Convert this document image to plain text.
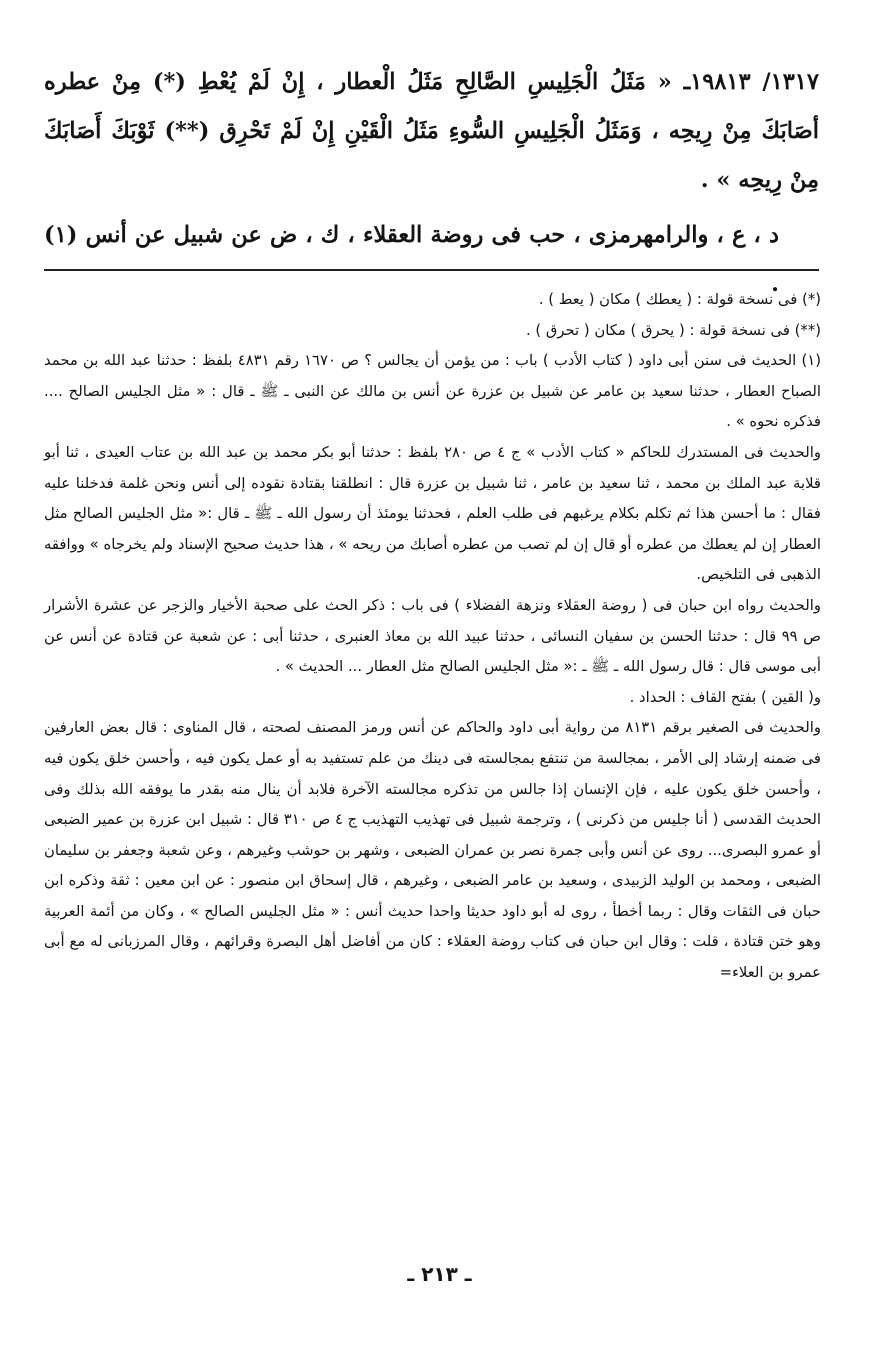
١٣١٧/ ١٩٨١٣ـ « مَثَلُ الْجَلِيسِ الصَّالِحِ مَثَلُ الْعطار ، إِنْ لَمْ يُعْطِ (*) مِنْ عطره أصَابَكَ مِنْ رِيحِه ، وَمَثَلُ الْجَلِيسِ السُّوءِ مَثَلُ الْقَيْنِ إِنْ لَمْ تَحْرِق (**) ثَوْبَكَ أَصَابَكَ مِنْ رِيحِه » .

د ، ع ، والرامهرمزى ، حب فى روضة العقلاء ، ك ، ض عن شبيل عن أنس (١) .

(*) فى نسخة قولة : ( يعطك ) مكان ( يعط ) .

(**) فى نسخة قولة : ( يحرق ) مكان ( تحرق ) .

(١) الحديث فى سنن أبى داود ( كتاب الأدب ) باب : من يؤمن أن يجالس ؟ ص ١٦٧٠ رقم ٤٨٣١ بلفظ : حدثنا عبد الله بن محمد الصباح العطار ، حدثنا سعيد بن عامر عن شبيل بن عزرة عن أنس بن مالك عن النبى ـ ﷺ ـ قال : « مثل الجليس الصالح .... فذكره نحوه » .

والحديث فى المستدرك للحاكم « كتاب الأدب » ج ٤ ص ٢٨٠ بلفظ : حدثنا أبو بكر محمد بن عبد الله بن عتاب العيدى ، ثنا أبو قلابة عبد الملك بن محمد ، ثنا سعيد بن عامر ، ثنا شبيل بن عزرة قال : انطلقنا بقتادة نقوده إلى أنس ونحن غلمة فدخلنا عليه فقال : ما أحسن هذا ثم تكلم بكلام يرغبهم فى طلب العلم ، فحدثنا يومئذ أن رسول الله ـ ﷺ ـ قال :« مثل الجليس الصالح مثل العطار إن لم يعطك من عطره أو قال إن لم تصب من عطره أصابك من ريحه » ، هذا حديث صحيح الإسناد ولم يخرجاه » ووافقه الذهبى فى التلخيص.

والحديث رواه ابن حبان فى ( روضة العقلاء ونزهة الفضلاء ) فى باب : ذكر الحث على صحبة الأخيار والزجر عن عشرة الأشرار ص ٩٩ قال : حدثنا الحسن بن سفيان النسائى ، حدثنا عبيد الله بن معاذ العنبرى ، حدثنا أبى : عن شعبة عن قتادة عن أنس عن أبى موسى قال : قال رسول الله ـ ﷺ ـ :« مثل الجليس الصالح مثل العطار ... الحديث » .

و( القين ) بفتح القاف : الحداد .

والحديث فى الصغير برقم ٨١٣١ من رواية أبى داود والحاكم عن أنس ورمز المصنف لصحته ، قال المناوى : قال بعض العارفين فى ضمنه إرشاد إلى الأمر ، بمجالسة من تنتفع بمجالسته فى دينك من علم تستفيد به أو عمل يكون فيه ، وأحسن خلق يكون فيه ، وأحسن خلق يكون عليه ، فإن الإنسان إذا جالس من تذكره مجالسته الآخرة فلابد أن ينال منه بقدر ما يوفقه الله بذلك وفى الحديث القدسى ( أنا جليس من ذكرنى ) ، وترجمة شبيل فى تهذيب التهذيب ج ٤ ص ٣١٠ قال : شبيل ابن عزرة بن عمير الضبعى أو عمرو البصرى... روى عن أنس وأبى جمرة نصر بن عمران الضبعى ، وشهر بن حوشب وغيرهم ، وعن شعبة وجعفر بن سليمان الضبعى ، ومحمد بن الوليد الزبيدى ، وسعيد بن عامر الضبعى ، وغيرهم ، قال إسحاق ابن منصور : عن ابن معين : ثقة وذكره ابن حبان فى الثقات وقال : ربما أخطأ ، روى له أبو داود حديثا واحدا حديث أنس : « مثل الجليس الصالح » ، وكان من أئمة العربية وهو ختن قتادة ، قلت : وقال ابن حبان فى كتاب روضة العقلاء : كان من أفاضل أهل البصرة وقرائهم ، وقال المرزبانى له مع أبى عمرو بن العلاء=

ـ ٢١٣ ـ
